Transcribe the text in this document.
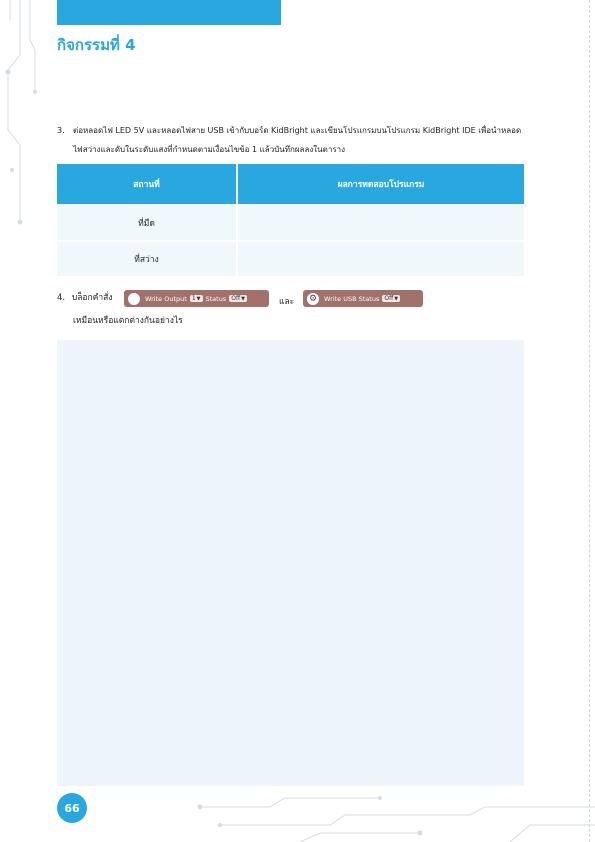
กิจกรรมที่ 4
3.	ต่อหลอดไฟ LED 5V และหลอดไฟสาย USB เข้ากับบอร์ด KidBright และเขียนโปรแกรมบนโปรแกรม KidBright IDE เพื่อนำหลอดไฟสว่างและดับในระดับแสงที่กำหนดตามเงื่อนไขข้อ 1 แล้วบันทึกผลลงในตาราง
สถานที่	ผลการทดสอบโปรแกรม
ที่มืด	
ที่สว่าง	
4. บล็อกคำสั่ง	Write Output 1▼ Status Off▼	และ ⚙	Write USB Status Off▼
เหมือนหรือแตกต่างกันอย่างไร
66
